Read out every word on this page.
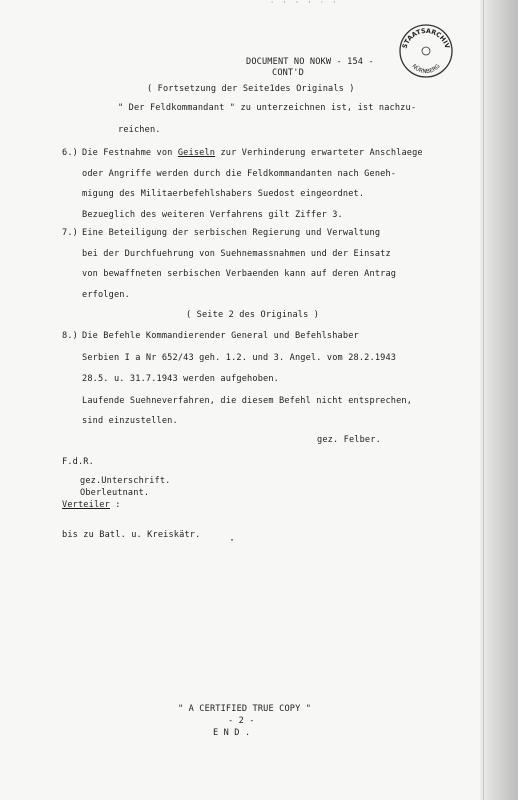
' ' ' ' ' '
STAATSARCHIV
NÜRNBERG
DOCUMENT NO NOKW - 154 -
CONT'D
( Fortsetzung der Seite1des Originals )
" Der Feldkommandant " zu unterzeichnen ist, ist nachzu-
reichen.
6.) Die Festnahme von Geiseln zur Verhinderung erwarteter Anschlaege
oder Angriffe werden durch die Feldkommandanten nach Geneh-
migung des Militaerbefehlshabers Suedost eingeordnet.
Bezueglich des weiteren Verfahrens gilt Ziffer 3.
7.) Eine Beteiligung der serbischen Regierung und Verwaltung
bei der Durchfuehrung von Suehnemassnahmen und der Einsatz
von bewaffneten serbischen Verbaenden kann auf deren Antrag
erfolgen.
( Seite 2 des Originals )
8.) Die Befehle Kommandierender General und Befehlshaber
Serbien I a Nr 652/43 geh. 1.2. und 3. Angel. vom 28.2.1943
28.5. u. 31.7.1943 werden aufgehoben.
Laufende Suehneverfahren, die diesem Befehl nicht entsprechen,
sind einzustellen.
gez. Felber.
F.d.R.
gez.Unterschrift.
Oberleutnant.
Verteiler :
bis zu Batl. u. Kreiskätr.	·
" A CERTIFIED TRUE COPY "
- 2 -
E N D .
